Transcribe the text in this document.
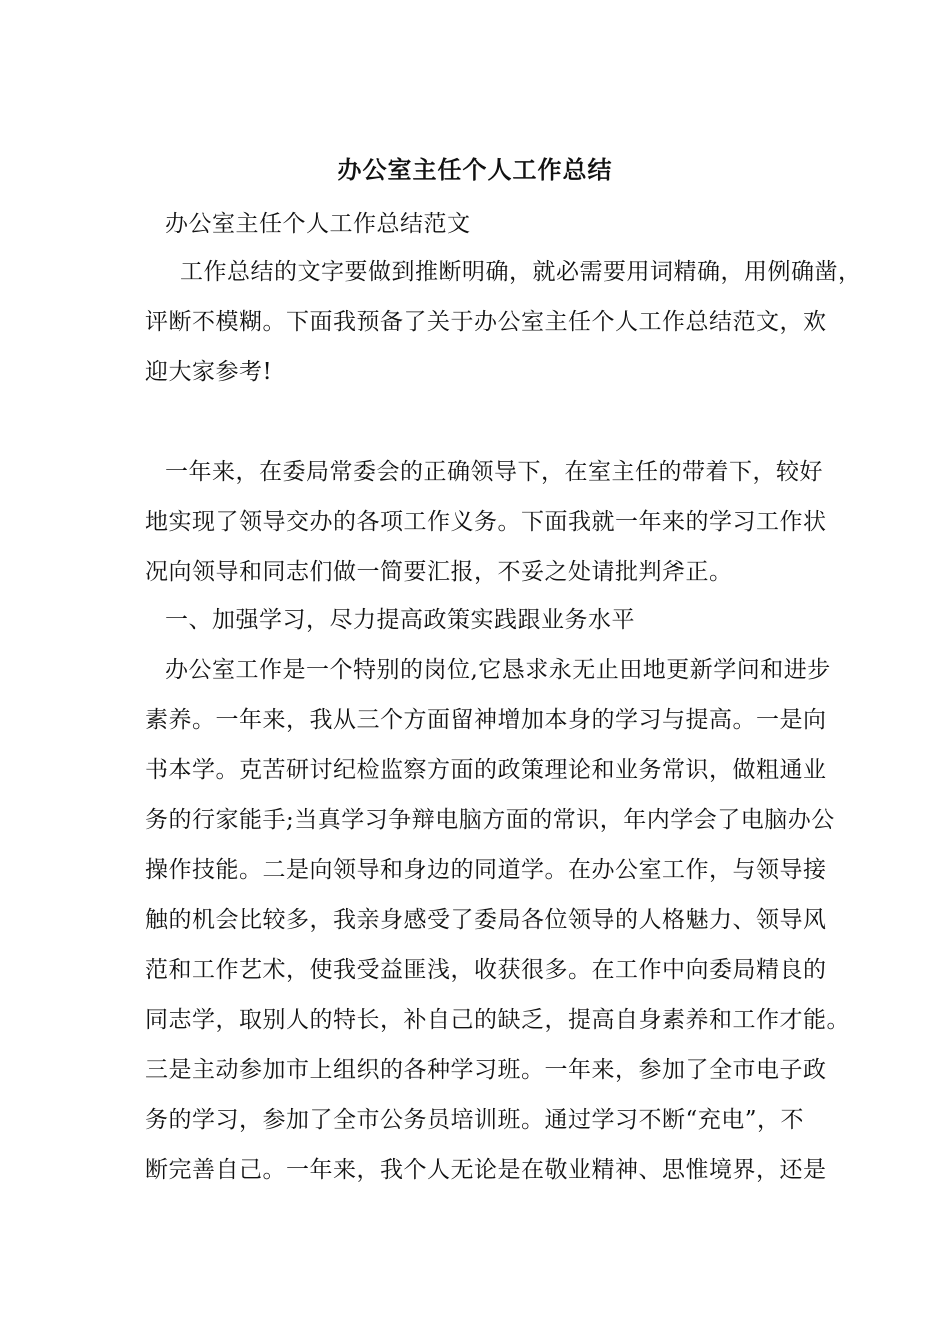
办公室主任个人工作总结
办公室主任个人工作总结范文
工作总结的文字要做到推断明确，就必需要用词精确，用例确凿，
评断不模糊。下面我预备了关于办公室主任个人工作总结范文，欢
迎大家参考!
一年来，在委局常委会的正确领导下，在室主任的带着下，较好
地实现了领导交办的各项工作义务。下面我就一年来的学习工作状
况向领导和同志们做一简要汇报，不妥之处请批判斧正。
一、加强学习，尽力提高政策实践跟业务水平
办公室工作是一个特别的岗位,它恳求永无止田地更新学问和进步
素养。一年来，我从三个方面留神增加本身的学习与提高。一是向
书本学。克苦研讨纪检监察方面的政策理论和业务常识，做粗通业
务的行家能手;当真学习争辩电脑方面的常识，年内学会了电脑办公
操作技能。二是向领导和身边的同道学。在办公室工作，与领导接
触的机会比较多，我亲身感受了委局各位领导的人格魅力、领导风
范和工作艺术，使我受益匪浅，收获很多。在工作中向委局精良的
同志学，取别人的特长，补自己的缺乏，提高自身素养和工作才能。
三是主动参加市上组织的各种学习班。一年来，参加了全市电子政
务的学习，参加了全市公务员培训班。通过学习不断“充电”，不
断完善自己。一年来，我个人无论是在敬业精神、思惟境界，还是
